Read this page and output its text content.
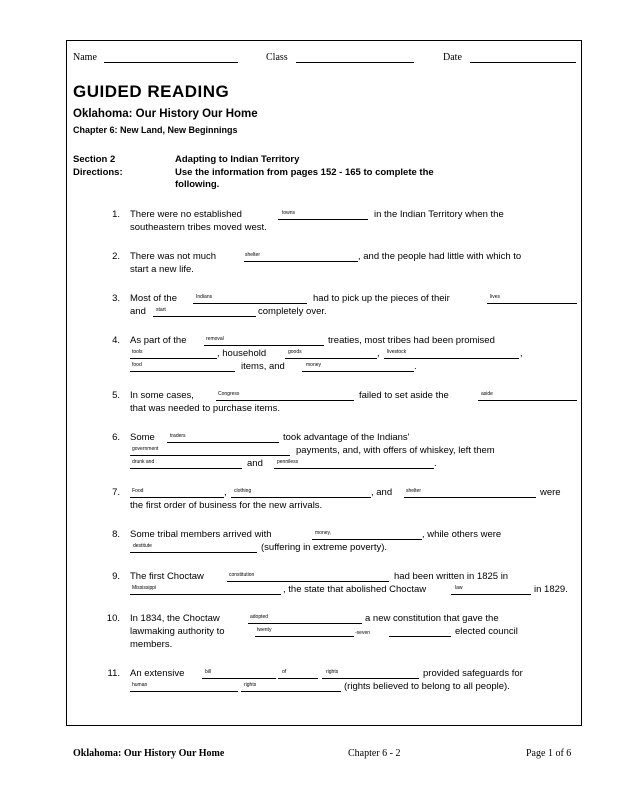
Name	Class	Date
GUIDED READING
Oklahoma: Our History Our Home
Chapter 6: New Land, New Beginnings
Section 2	Adapting to Indian Territory
Directions:	Use the information from pages 152 - 165 to complete the
following.
1. There were no established	towns	in the Indian Territory when the
southeastern tribes moved west.
2. There was not much	shelter	, and the people had little with which to
start a new life.
3. Most of the	Indians	had to pick up the pieces of their	lives
and start	completely over.
4. As part of the	removal	treaties, most tribes had been promised
tools	, household	goods	, livestock	,
food	items, and	money	.
5. In some cases,	Congress	failed to set aside the	aside
that was needed to purchase items.
6. Some	traders	took advantage of the Indians'
government	payments, and, with offers of whiskey, left them
drunk and	and	penniless	.
7. Food	, clothing	, and	shelter	were
the first order of business for the new arrivals.
8. Some tribal members arrived with	money,	, while others were
destitute	(suffering in extreme poverty).
9. The first Choctaw	constitution	had been written in 1825 in
Mississippi	, the state that abolished Choctaw	law	in 1829.
10. In 1834, the Choctaw	adopted	a new constitution that gave the
twenty	-seven	elected council
lawmaking authority to
members.
11. An extensive	bill	of	rights	provided safeguards for
human	rights	(rights believed to belong to all people).
Oklahoma: Our History Our Home	Chapter 6 - 2	Page 1 of 6
